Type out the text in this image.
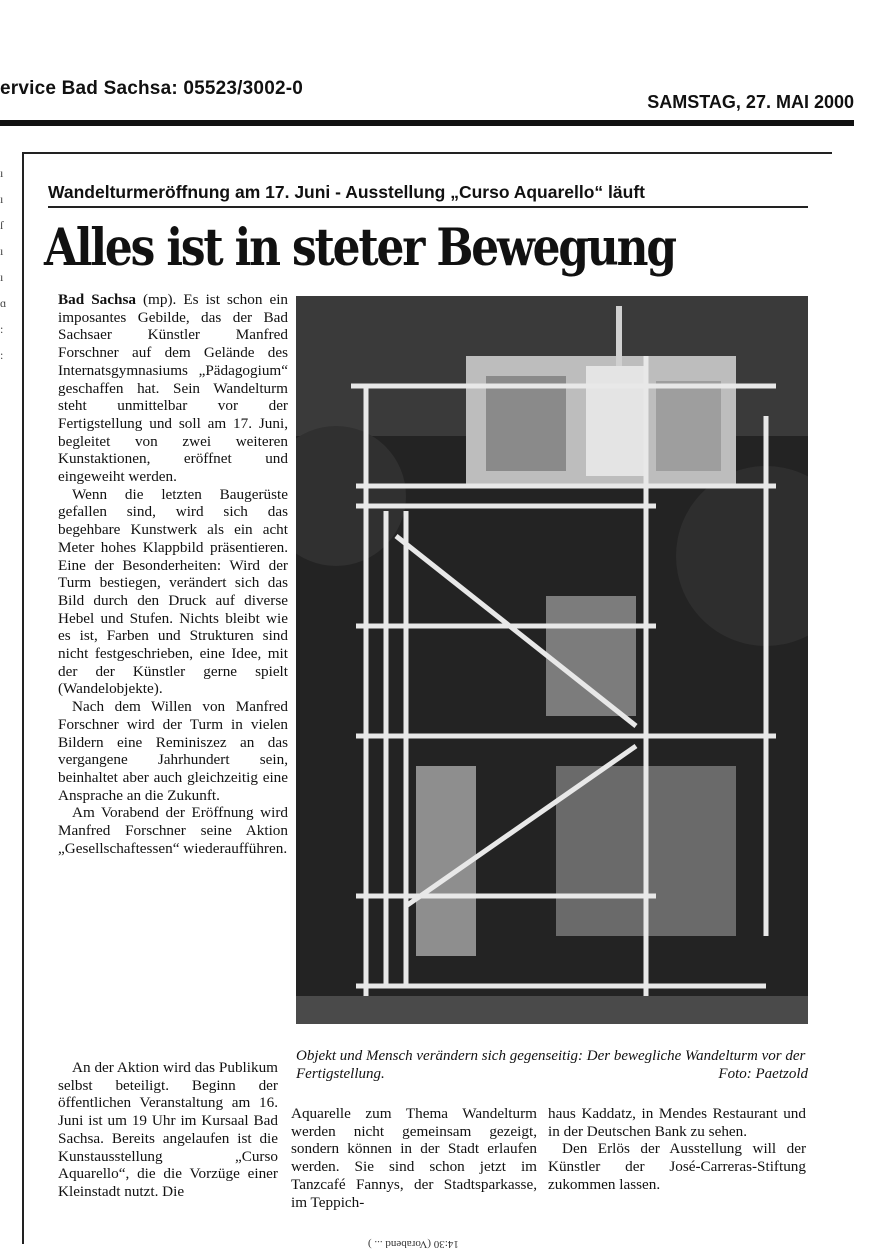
ervice Bad Sachsa: 05523/3002-0
SAMSTAG, 27. MAI 2000
ı
ı
ſ
ı
ı
ɑ
:
:
Wandelturmeröffnung am 17. Juni - Ausstellung „Curso Aquarello“ läuft
Alles ist in steter Bewegung

Bad Sachsa (mp). Es ist schon ein imposantes Gebilde, das der Bad Sachsaer Künstler Manfred Forschner auf dem Gelände des Internatsgymnasiums „Pädagogium“ geschaffen hat. Sein Wandelturm steht unmittelbar vor der Fertigstellung und soll am 17. Juni, begleitet von zwei weiteren Kunstaktionen, eröffnet und eingeweiht werden.

Wenn die letzten Baugerüste gefallen sind, wird sich das begehbare Kunstwerk als ein acht Meter hohes Klappbild präsentieren. Eine der Besonderheiten: Wird der Turm bestiegen, verändert sich das Bild durch den Druck auf diverse Hebel und Stufen. Nichts bleibt wie es ist, Farben und Strukturen sind nicht festgeschrieben, eine Idee, mit der der Künstler gerne spielt (Wandelobjekte).

Nach dem Willen von Manfred Forschner wird der Turm in vielen Bildern eine Reminiszez an das vergangene Jahrhundert sein, beinhaltet aber auch gleichzeitig eine Ansprache an die Zukunft.

Am Vorabend der Eröffnung wird Manfred Forschner seine Aktion „Gesellschaftessen“ wiederaufführen.

An der Aktion wird das Publikum selbst beteiligt. Beginn der öffentlichen Veranstaltung am 16. Juni ist um 19 Uhr im Kursaal Bad Sachsa. Bereits angelaufen ist die Kunstausstellung „Curso Aquarello“, die die Vorzüge einer Kleinstadt nutzt. Die

Objekt und Mensch verändern sich gegenseitig: Der bewegliche Wandelturm vor der Fertigstellung.	Foto: Paetzold

Aquarelle zum Thema Wandelturm werden nicht gemeinsam gezeigt, sondern können in der Stadt erlaufen werden. Sie sind schon jetzt im Tanzcafé Fannys, der Stadtsparkasse, im Teppich-

haus Kaddatz, in Mendes Restaurant und in der Deutschen Bank zu sehen.

Den Erlös der Ausstellung will der Künstler der José-Carreras-Stiftung zukommen lassen.

14:30 (Vorabend ... )
